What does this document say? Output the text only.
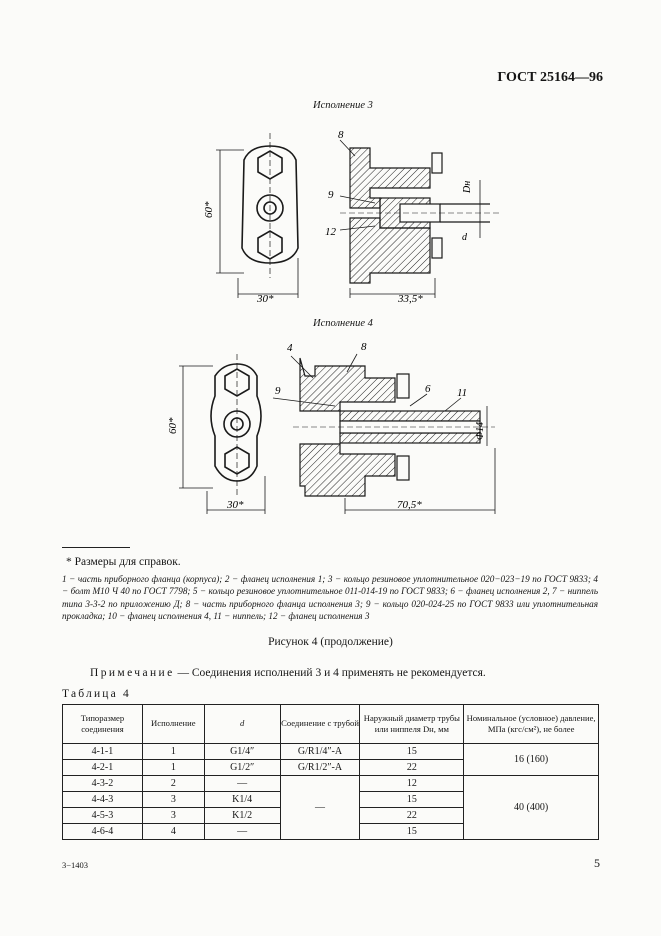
ГОСТ 25164—96
Исполнение 3
60*
30*
8
9
12
Dн
d
33,5*
Исполнение 4
60*
30*
4	8
9	6 11
Ф14
70,5*
* Размеры для справок.
1 − часть приборного фланца (корпуса); 2 − фланец исполнения 1; 3 − кольцо резиновое уплотнительное 020−023−19 по ГОСТ 9833; 4 − болт М10 Ч 40 по ГОСТ 7798; 5 − кольцо резиновое уплотнительное 011-014-19 по ГОСТ 9833; 6 − фланец исполнения 2, 7 − ниппель типа 3-3-2 по приложению Д; 8 − часть приборного фланца исполнения 3; 9 − кольцо 020-024-25 по ГОСТ 9833 или уплотнительная прокладка; 10 − фланец исполнения 4, 11 − ниппель; 12 − фланец исполнения 3
Рисунок 4 (продолжение)
Примечание — Соединения исполнений 3 и 4 применять не рекомендуется.
Таблица 4
Типоразмер соединения	Исполнение	d	Соединение с трубой	Наружный диаметр трубы или ниппеля Dн, мм	Номинальное (условное) давление, МПа (кгс/см²), не более
4-1-1	1	G1/4″	G/R1/4″-A	15	16 (160)
4-2-1	1	G1/2″	G/R1/2″-A	22	
4-3-2	2	—	—	12	40 (400)
4-4-3	3	K1/4		15	
4-5-3	3	K1/2		22	
4-6-4	4	—		15	
3−1403	5
